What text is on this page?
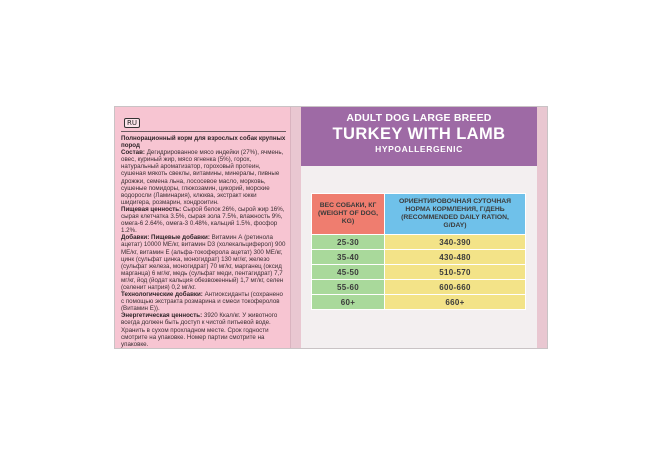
RU

Полнорационный корм для взрослых собак крупных пород

Состав: Дегидрированное мясо индейки (27%), ячмень, овес, куриный жир, мясо ягненка (5%), горох, натуральный ароматизатор, гороховый протеин, сушеная мякоть свеклы, витамины, минералы, пивные дрожжи, семена льна, лососевое масло, морковь, сушеные помидоры, глюкозамин, цикорий, морские водоросли (Ламинария), клюква, экстракт юкки шидигера, розмарин, хондроитин.

Пищевая ценность: Сырой белок 26%, сырой жир 16%, сырая клетчатка 3.5%, сырая зола 7.5%, влажность 9%, омега-6 2.64%, омега-3 0.48%, кальций 1.5%, фосфор 1.2%.

Добавки: Пищевые добавки: Витамин А (ретинола ацетат) 10000 МЕ/кг, витамин D3 (холекальциферол) 900 МЕ/кг, витамин E (альфа-токоферола ацетат) 300 МЕ/кг, цинк (сульфат цинка, моногидрат) 130 мг/кг, железо (сульфат железа, моногидрат) 70 мг/кг, марганец (оксид марганца) 6 мг/кг, медь (сульфат меди, пентагидрат) 7,7 мг/кг, йод (йодат кальция обезвоженный) 1,7 мг/кг, селен (селенит натрия) 0,2 мг/кг.

Технологические добавки: Антиоксиданты (сохранено с помощью экстракта розмарина и смеси токоферолов (Витамин E)).

Энергетическая ценность: 3920 Ккал/кг. У животного всегда должен быть доступ к чистой питьевой воде. Хранить в сухом прохладном месте. Срок годности смотрите на упаковке. Номер партии смотрите на упаковке.

ADULT DOG LARGE BREED
TURKEY WITH LAMB
HYPOALLERGENIC
ВЕС СОБАКИ, КГ (WEIGHT OF DOG, KG)	ОРИЕНТИРОВОЧНАЯ СУТОЧНАЯ НОРМА КОРМЛЕНИЯ, Г/ДЕНЬ (RECOMMENDED DAILY RATION, G/DAY)
25-30	340-390
35-40	430-480
45-50	510-570
55-60	600-660
60+	660+
